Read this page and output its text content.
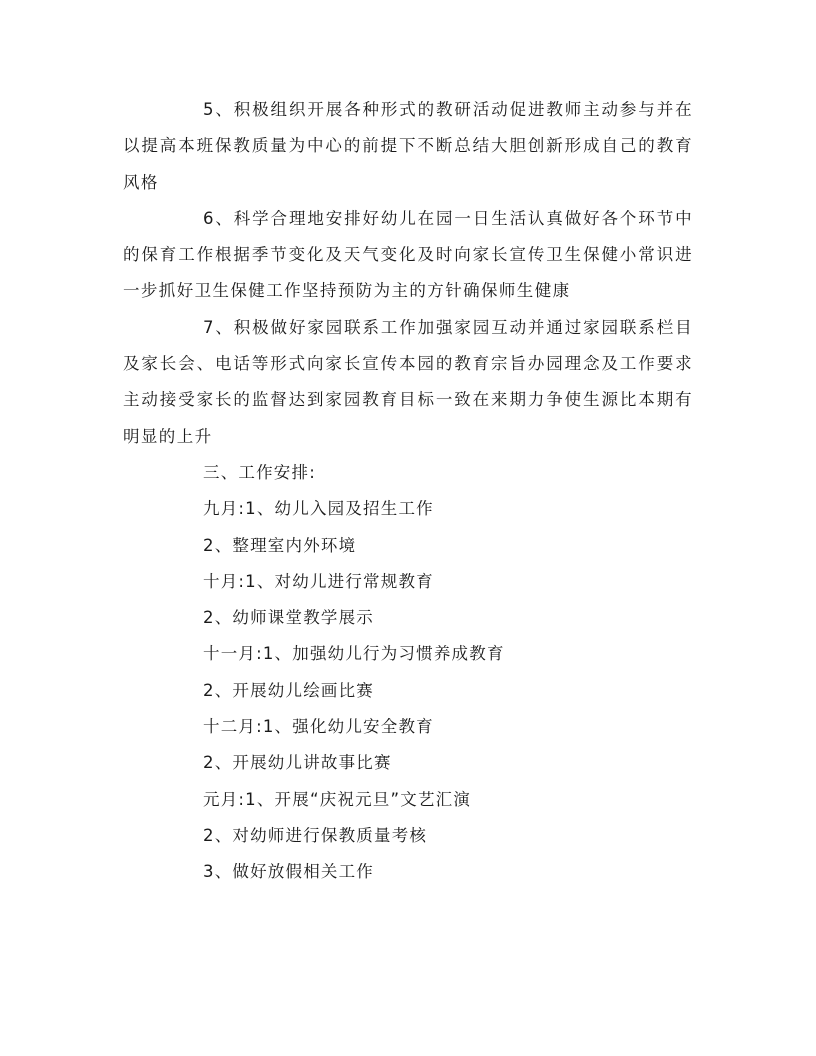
5、积极组织开展各种形式的教研活动促进教师主动参与并在以提高本班保教质量为中心的前提下不断总结大胆创新形成自己的教育风格

6、科学合理地安排好幼儿在园一日生活认真做好各个环节中的保育工作根据季节变化及天气变化及时向家长宣传卫生保健小常识进一步抓好卫生保健工作坚持预防为主的方针确保师生健康

7、积极做好家园联系工作加强家园互动并通过家园联系栏目及家长会、电话等形式向家长宣传本园的教育宗旨办园理念及工作要求主动接受家长的监督达到家园教育目标一致在来期力争使生源比本期有明显的上升

三、工作安排:

九月:1、幼儿入园及招生工作

2、整理室内外环境

十月:1、对幼儿进行常规教育

2、幼师课堂教学展示

十一月:1、加强幼儿行为习惯养成教育

2、开展幼儿绘画比赛

十二月:1、强化幼儿安全教育

2、开展幼儿讲故事比赛

元月:1、开展“庆祝元旦”文艺汇演

2、对幼师进行保教质量考核

3、做好放假相关工作
